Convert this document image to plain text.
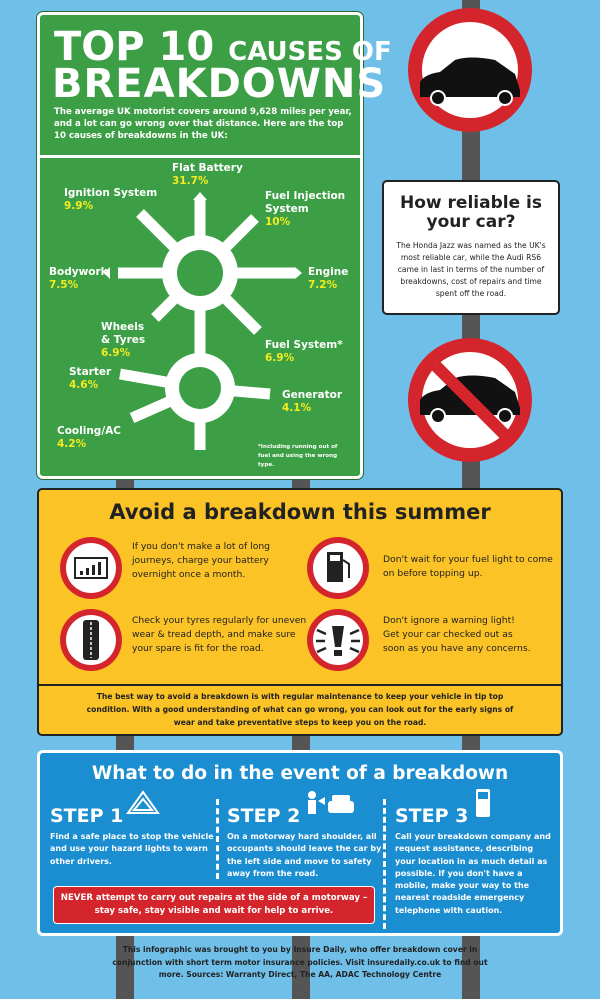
TOP 10 CAUSES OF
BREAKDOWNS
The average UK motorist covers around 9,628 miles per year, and a lot can go wrong over that distance. Here are the top 10 causes of breakdowns in the UK:
Flat Battery
31.7%
Ignition System
9.9%
Fuel Injection System
10%
Bodywork
7.5%
Engine
7.2%
Wheels & Tyres
6.9%
Fuel System*
6.9%
Starter
4.6%
Generator
4.1%
Cooling/AC
4.2%	*Including running out of fuel and using the wrong type.
How reliable is your car?

The Honda Jazz was named as the UK's most reliable car, while the Audi RS6 came in last in terms of the number of breakdowns, cost of repairs and time spent off the road.

Avoid a breakdown this summer
If you don't make a lot of long journeys, charge your battery overnight once a month.
Don't wait for your fuel light to come on before topping up.
Check your tyres regularly for uneven wear & tread depth, and make sure your spare is fit for the road.
Don't ignore a warning light! Get your car checked out as soon as you have any concerns.
The best way to avoid a breakdown is with regular maintenance to keep your vehicle in tip top condition. With a good understanding of what can go wrong, you can look out for the early signs of wear and take preventative steps to keep you on the road.
What to do in the event of a breakdown
STEP 1	STEP 2	STEP 3
Find a safe place to stop the vehicle and use your hazard lights to warn other drivers.
On a motorway hard shoulder, all occupants should leave the car by the left side and move to safety away from the road.
Call your breakdown company and request assistance, describing your location in as much detail as possible. If you don't have a mobile, make your way to the nearest roadside emergency telephone with caution.
NEVER attempt to carry out repairs at the side of a motorway – stay safe, stay visible and wait for help to arrive.
This infographic was brought to you by Insure Daily, who offer breakdown cover in conjunction with short term motor insurance policies. Visit insuredaily.co.uk to find out more. Sources: Warranty Direct, The AA, ADAC Technology Centre
